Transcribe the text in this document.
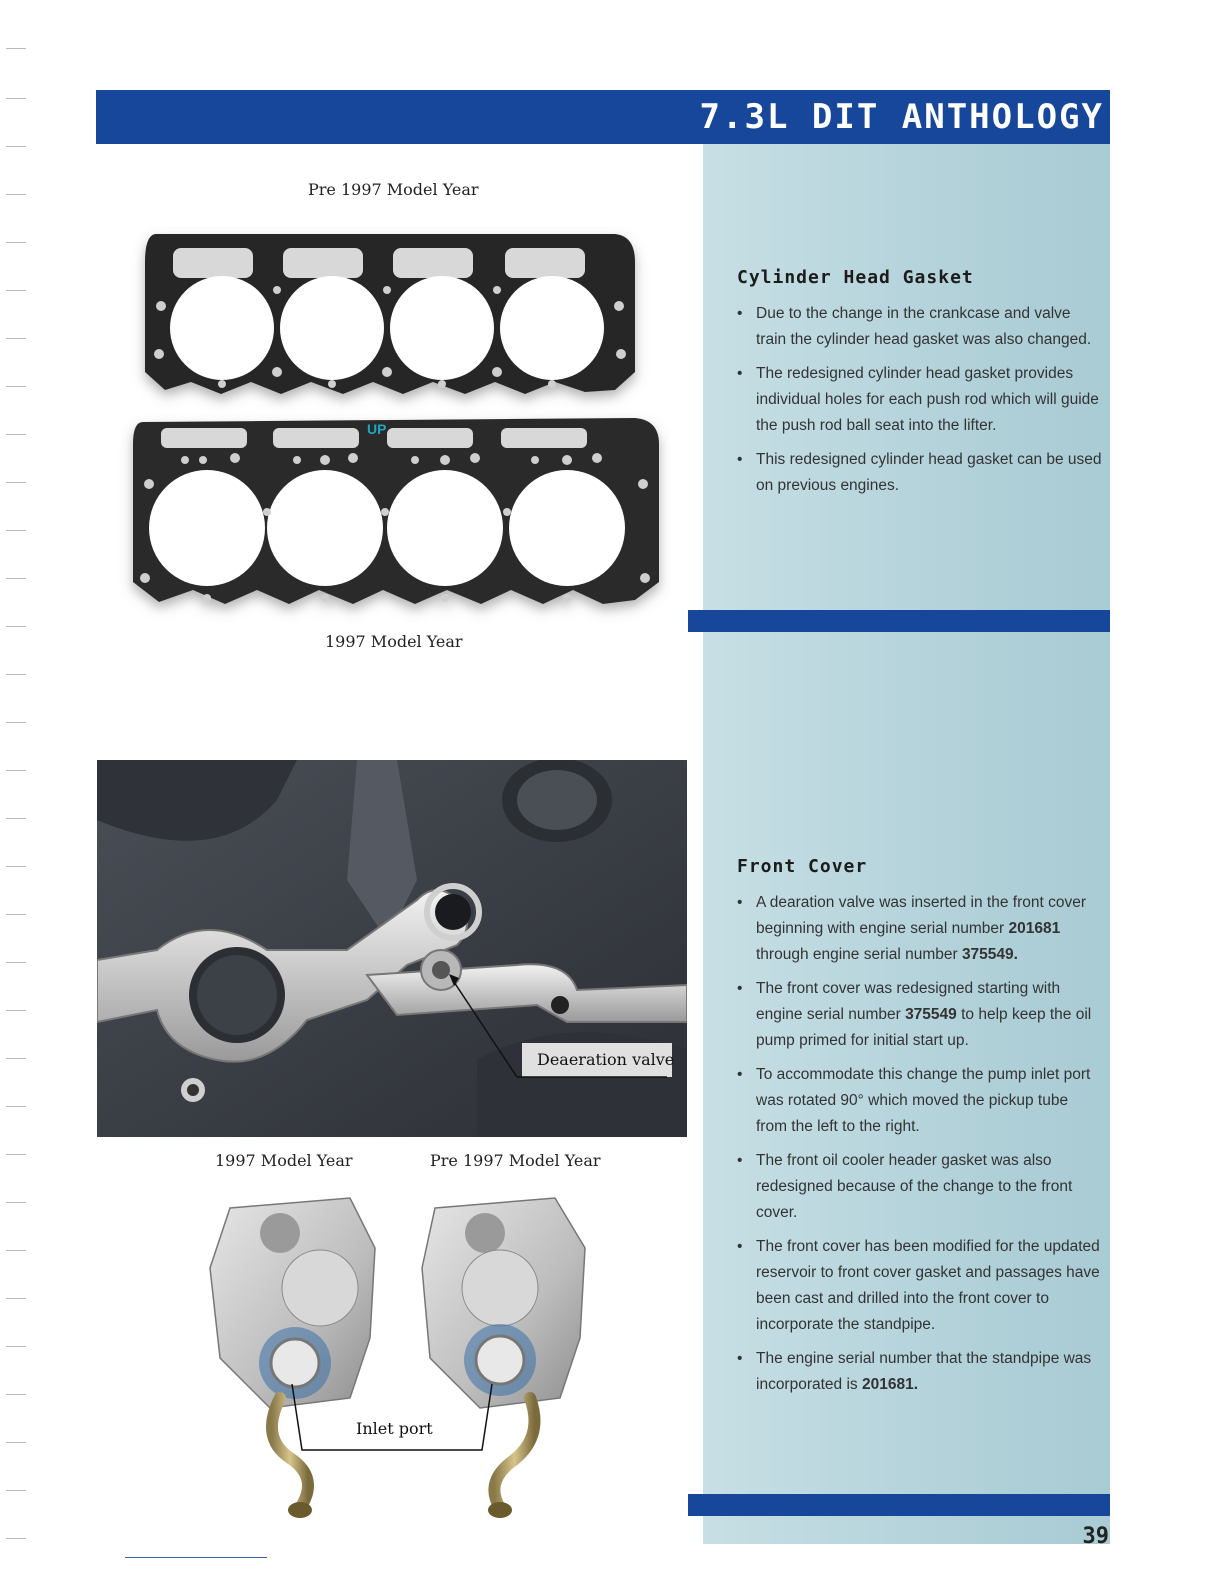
7.3L DIT ANTHOLOGY
Pre 1997 Model Year
UP
1997 Model Year
Deaeration valve
1997 Model Year	Pre 1997 Model Year
Inlet port
Cylinder Head Gasket
• Due to the change in the crankcase and valve train the cylinder head gasket was also changed.
• The redesigned cylinder head gasket provides individual holes for each push rod which will guide the push rod ball seat into the lifter.
• This redesigned cylinder head gasket can be used on previous engines.
Front Cover
• A dearation valve was inserted in the front cover beginning with engine serial number 201681 through engine serial number 375549.
• The front cover was redesigned starting with engine serial number 375549 to help keep the oil pump primed for initial start up.
• To accommodate this change the pump inlet port was rotated 90° which moved the pickup tube from the left to the right.
• The front oil cooler header gasket was also redesigned because of the change to the front cover.
• The front cover has been modified for the updated reservoir to front cover gasket and passages have been cast and drilled into the front cover to incorporate the standpipe.
• The engine serial number that the standpipe was incorporated is 201681.
39
